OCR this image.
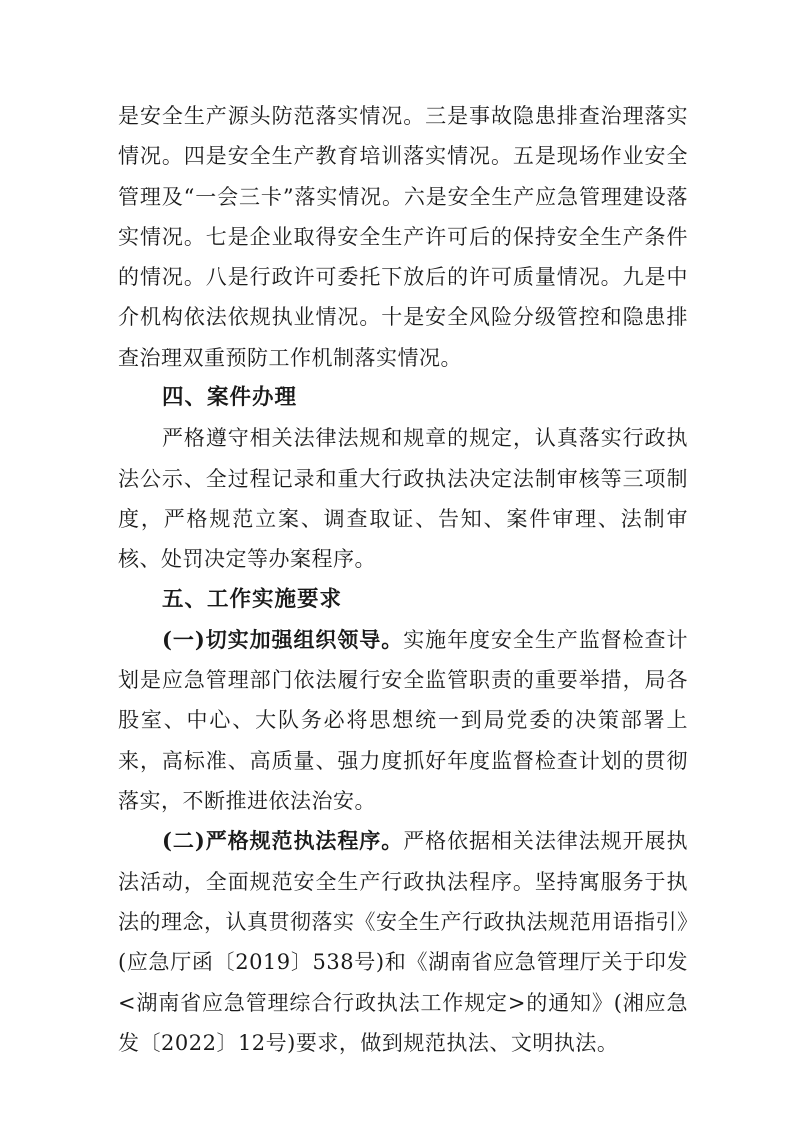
是安全生产源头防范落实情况。三是事故隐患排查治理落实情况。四是安全生产教育培训落实情况。五是现场作业安全管理及“一会三卡”落实情况。六是安全生产应急管理建设落实情况。七是企业取得安全生产许可后的保持安全生产条件的情况。八是行政许可委托下放后的许可质量情况。九是中介机构依法依规执业情况。十是安全风险分级管控和隐患排查治理双重预防工作机制落实情况。

四、案件办理

严格遵守相关法律法规和规章的规定，认真落实行政执法公示、全过程记录和重大行政执法决定法制审核等三项制度，严格规范立案、调查取证、告知、案件审理、法制审核、处罚决定等办案程序。

五、工作实施要求

(一)切实加强组织领导。实施年度安全生产监督检查计划是应急管理部门依法履行安全监管职责的重要举措，局各股室、中心、大队务必将思想统一到局党委的决策部署上来，高标准、高质量、强力度抓好年度监督检查计划的贯彻落实，不断推进依法治安。

(二)严格规范执法程序。严格依据相关法律法规开展执法活动，全面规范安全生产行政执法程序。坚持寓服务于执法的理念，认真贯彻落实《安全生产行政执法规范用语指引》(应急厅函〔2019〕538号)和《湖南省应急管理厅关于印发<湖南省应急管理综合行政执法工作规定>的通知》(湘应急发〔2022〕12号)要求，做到规范执法、文明执法。
